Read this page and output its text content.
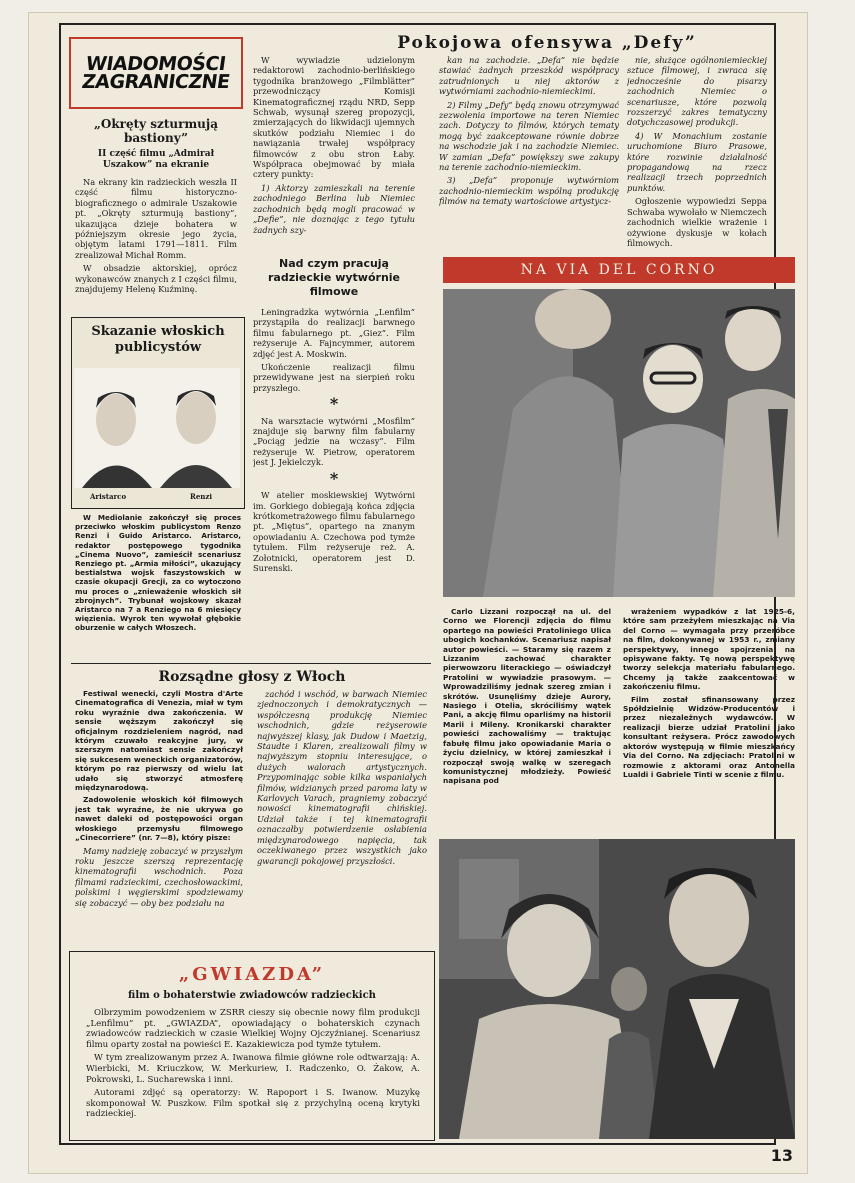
WIADOMOŚCI
ZAGRANICZNE
Pokojowa ofensywa „Defy”
„Okręty szturmują bastiony”
II część filmu „Admirał Uszakow” na ekranie

Na ekrany kin radzieckich weszła II część filmu historyczno-biograficznego o admirale Uszakowie pt. „Okręty szturmują bastiony”, ukazująca dzieje bohatera w późniejszym okresie jego życia, objętym latami 1791—1811. Film zrealizował Michał Romm.

W obsadzie aktorskiej, oprócz wykonawców znanych z I części filmu, znajdujemy Helenę Kuźminę.

Skazanie włoskich publicystów
Aristarco	Renzi

W Mediolanie zakończył się proces przeciwko włoskim publicystom Renzo Renzi i Guido Aristarco. Aristarco, redaktor postępowego tygodnika „Cinema Nuovo”, zamieścił scenariusz Renziego pt. „Armia miłości”, ukazujący bestialstwa wojsk faszystowskich w czasie okupacji Grecji, za co wytoczono mu proces o „znieważenie włoskich sił zbrojnych”. Trybunał wojskowy skazał Aristarco na 7 a Renziego na 6 miesięcy więzienia. Wyrok ten wywołał głębokie oburzenie w całych Włoszech.

W wywiadzie udzielonym redaktorowi zachodnio-berlińskiego tygodnika branżowego „Filmblätter” przewodniczący Komisji Kinematograficznej rządu NRD, Sepp Schwab, wysunął szereg propozycji, zmierzających do likwidacji ujemnych skutków podziału Niemiec i do nawiązania trwałej współpracy filmowców z obu stron Łaby. Współpraca obejmować by miała cztery punkty:

1) Aktorzy zamieszkali na terenie zachodniego Berlina lub Niemiec zachodnich będą mogli pracować w „Defie”, nie doznając z tego tytułu żadnych szy-

Nad czym pracują radzieckie wytwórnie filmowe

Leningradzka wytwórnia „Lenfilm” przystąpiła do realizacji barwnego filmu fabularnego pt. „Giez”. Film reżyseruje A. Fajncymmer, autorem zdjęć jest A. Moskwin.

Ukończenie realizacji filmu przewidywane jest na sierpień roku przyszłego.

*

Na warsztacie wytwórni „Mosfilm” znajduje się barwny film fabularny „Pociąg jedzie na wczasy”. Film reżyseruje W. Pietrow, operatorem jest J. Jekielczyk.

*

W atelier moskiewskiej Wytwórni im. Gorkiego dobiegają końca zdjęcia krótkometrażowego filmu fabularnego pt. „Miętus”, opartego na znanym opowiadaniu A. Czechowa pod tymże tytułem. Film reżyseruje reż. A. Zołotnicki, operatorem jest D. Surenski.

kan na zachodzie. „Defa” nie będzie stawiać żadnych przeszkód współpracy zatrudnionych u niej aktorów z wytwórniami zachodnio-niemieckimi.

2) Filmy „Defy” będą znowu otrzymywać zezwolenia importowe na teren Niemiec zach. Dotyczy to filmów, których tematy mogą być zaakceptowane równie dobrze na wschodzie jak i na zachodzie Niemiec. W zamian „Defa” powiększy swe zakupy na terenie zachodnio-niemieckim.

3) „Defa” proponuje wytwórniom zachodnio-niemieckim wspólną produkcję filmów na tematy wartościowe artystycz-

nie, służące ogólnoniemieckiej sztuce filmowej, i zwraca się jednocześnie do pisarzy zachodnich Niemiec o scenariusze, które pozwolą rozszerzyć zakres tematyczny dotychczasowej produkcji.

4) W Monachium zostanie uruchomione Biuro Prasowe, które rozwinie działalność propagandową na rzecz realizacji trzech poprzednich punktów.

Ogłoszenie wypowiedzi Seppa Schwaba wywołało w Niemczech zachodnich wielkie wrażenie i ożywione dyskusje w kołach filmowych.

NA VIA DEL CORNO

Carlo Lizzani rozpoczął na ul. del Corno we Florencji zdjęcia do filmu opartego na powieści Pratoliniego Ulica ubogich kochanków. Scenariusz napisał autor powieści. — Staramy się razem z Lizzanim zachować charakter pierwowzoru literackiego — oświadczył Pratolini w wywiadzie prasowym. — Wprowadziliśmy jednak szereg zmian i skrótów. Usunęliśmy dzieje Aurory, Nasiego i Otelia, skróciliśmy wątek Pani, a akcję filmu oparliśmy na historii Marii i Mileny. Kronikarski charakter powieści zachowaliśmy — traktując fabułę filmu jako opowiadanie Maria o życiu dzielnicy, w której zamieszkał i rozpoczął swoją walkę w szeregach komunistycznej młodzieży. Powieść napisana pod

wrażeniem wypadków z lat 1925-6, które sam przeżyłem mieszkając na Via del Corno — wymagała przy przeróbce na film, dokonywanej w 1953 r., zmiany perspektywy, innego spojrzenia na opisywane fakty. Tę nową perspektywę tworzy selekcja materiału fabularnego. Chcemy ją także zaakcentować w zakończeniu filmu.

Film został sfinansowany przez Spółdzielnię Widzów-Producentów i przez niezależnych wydawców. W realizacji bierze udział Pratolini jako konsultant reżysera. Prócz zawodowych aktorów występują w filmie mieszkańcy Via del Corno. Na zdjęciach: Pratolini w rozmowie z aktorami oraz Antonella Lualdi i Gabriele Tinti w scenie z filmu.

Rozsądne głosy z Włoch

Festiwal wenecki, czyli Mostra d'Arte Cinematografica di Venezia, miał w tym roku wyraźnie dwa zakończenia. W sensie węższym zakończył się oficjalnym rozdzieleniem nagród, nad którym czuwało reakcyjne jury, w szerszym natomiast sensie zakończył się sukcesem weneckich organizatorów, którym po raz pierwszy od wielu lat udało się stworzyć atmosferę międzynarodową.

Zadowolenie włoskich kół filmowych jest tak wyraźne, że nie ukrywa go nawet daleki od postępowości organ włoskiego przemysłu filmowego „Cinecorriere” (nr. 7—8), który pisze:

Mamy nadzieję zobaczyć w przyszłym roku jeszcze szerszą reprezentację kinematografii wschodnich. Poza filmami radzieckimi, czechosłowackimi, polskimi i węgierskimi spodziewamy się zobaczyć — oby bez podziału na

zachód i wschód, w barwach Niemiec zjednoczonych i demokratycznych — współczesną produkcję Niemiec wschodnich, gdzie reżyserowie najwyższej klasy, jak Dudow i Maetzig, Staudte i Klaren, zrealizowali filmy w najwyższym stopniu interesujące, o dużych walorach artystycznych. Przypominając sobie kilka wspaniałych filmów, widzianych przed paroma laty w Karlovych Varach, pragniemy zobaczyć nowości kinematografii chińskiej. Udział także i tej kinematografii oznaczałby potwierdzenie osłabienia międzynarodowego napięcia, tak oczekiwanego przez wszystkich jako gwarancji pokojowej przyszłości.

„GWIAZDA”
film o bohaterstwie zwiadowców radzieckich

Olbrzymim powodzeniem w ZSRR cieszy się obecnie nowy film produkcji „Lenfilmu” pt. „GWIAZDA”, opowiadający o bohaterskich czynach zwiadowców radzieckich w czasie Wielkiej Wojny Ojczyźnianej. Scenariusz filmu oparty został na powieści E. Kazakiewicza pod tymże tytułem.

W tym zrealizowanym przez A. Iwanowa filmie główne role odtwarzają: A. Wierbicki, M. Kriuczkow, W. Merkuriew, I. Radczenko, O. Żakow, A. Pokrowski, L. Sucharewska i inni.

Autorami zdjęć są operatorzy: W. Rapoport i S. Iwanow. Muzykę skomponował W. Puszkow. Film spotkał się z przychylną oceną krytyki radzieckiej.

13
